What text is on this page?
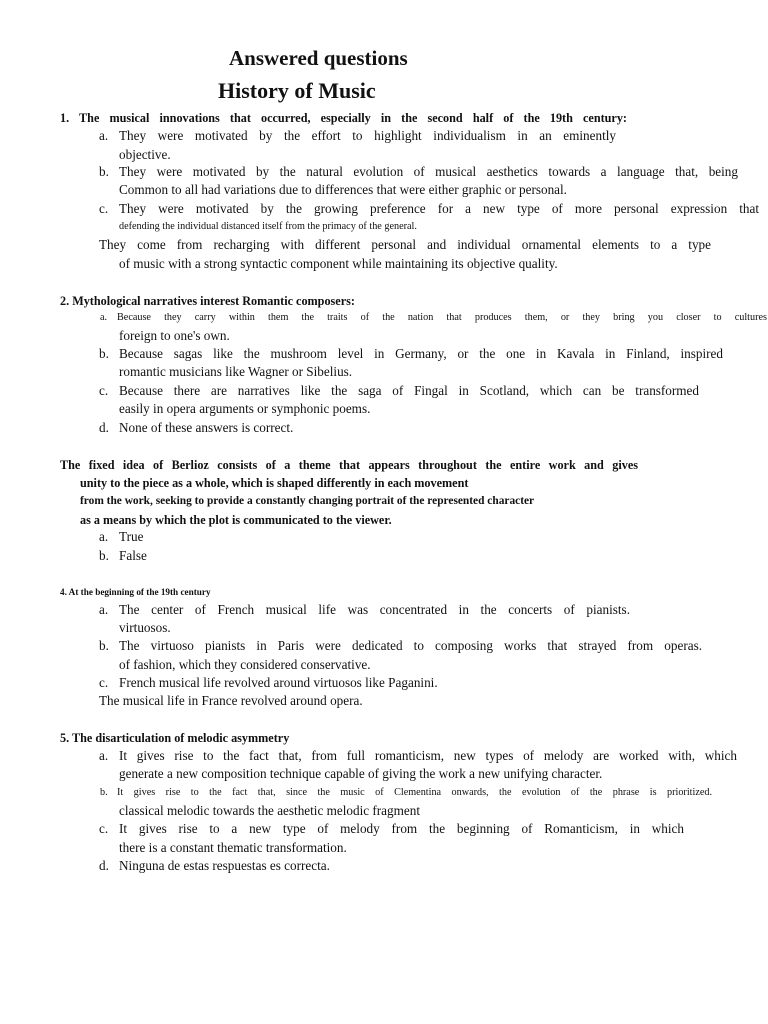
Answered questions
History of Music
1. The musical innovations that occurred, especially in the second half of the 19th century:
a. They were motivated by the effort to highlight individualism in an eminently
objective.
b. They were motivated by the natural evolution of musical aesthetics towards a language that, being
Common to all had variations due to differences that were either graphic or personal.
c. They were motivated by the growing preference for a new type of more personal expression that
defending the individual distanced itself from the primacy of the general.
They come from recharging with different personal and individual ornamental elements to a type
of music with a strong syntactic component while maintaining its objective quality.
2. Mythological narratives interest Romantic composers:
a. Because they carry within them the traits of the nation that produces them, or they bring you closer to cultures
foreign to one's own.
b. Because sagas like the mushroom level in Germany, or the one in Kavala in Finland, inspired
romantic musicians like Wagner or Sibelius.
c. Because there are narratives like the saga of Fingal in Scotland, which can be transformed
easily in opera arguments or symphonic poems.
d. None of these answers is correct.
The fixed idea of Berlioz consists of a theme that appears throughout the entire work and gives
unity to the piece as a whole, which is shaped differently in each movement
from the work, seeking to provide a constantly changing portrait of the represented character
as a means by which the plot is communicated to the viewer.
a. True
b. False
4. At the beginning of the 19th century
a. The center of French musical life was concentrated in the concerts of pianists.
virtuosos.
b. The virtuoso pianists in Paris were dedicated to composing works that strayed from operas.
of fashion, which they considered conservative.
c. French musical life revolved around virtuosos like Paganini.
The musical life in France revolved around opera.
5. The disarticulation of melodic asymmetry
a. It gives rise to the fact that, from full romanticism, new types of melody are worked with, which
generate a new composition technique capable of giving the work a new unifying character.
b. It gives rise to the fact that, since the music of Clementina onwards, the evolution of the phrase is prioritized.
classical melodic towards the aesthetic melodic fragment
c. It gives rise to a new type of melody from the beginning of Romanticism, in which
there is a constant thematic transformation.
d. Ninguna de estas respuestas es correcta.
